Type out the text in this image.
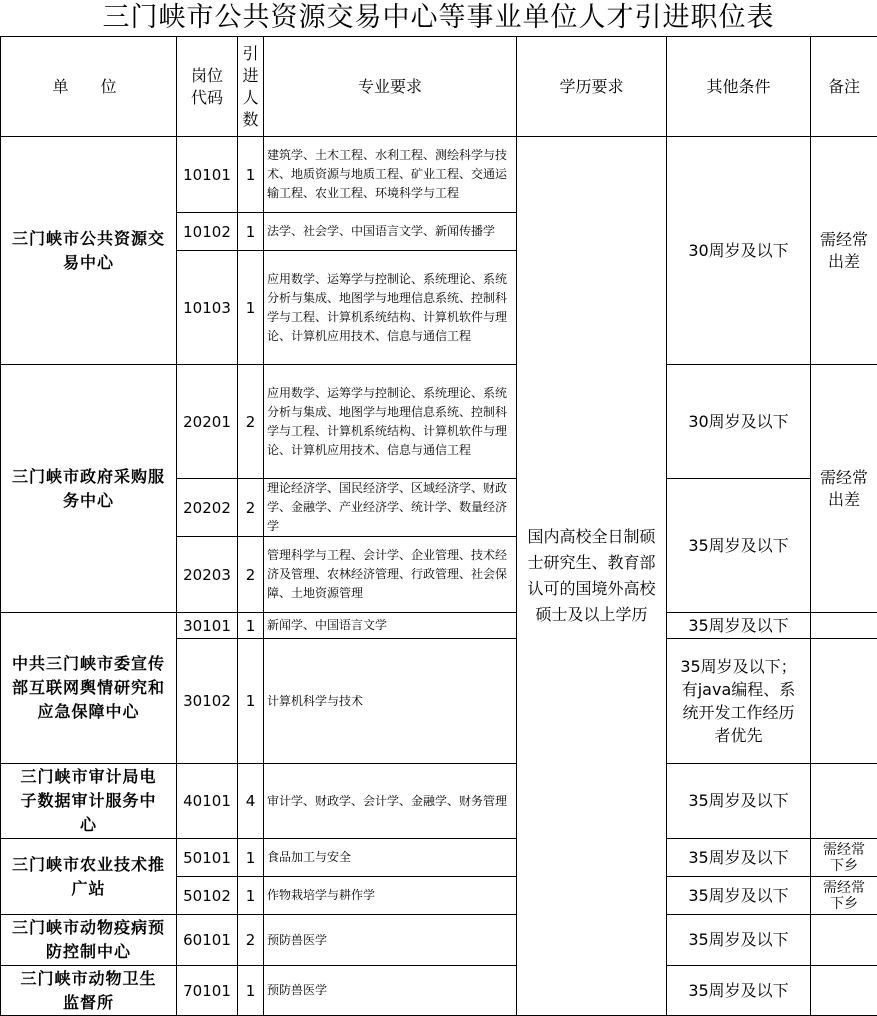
三门峡市公共资源交易中心等事业单位人才引进职位表
单　位	岗位代码	引进人数	专业要求	学历要求	其他条件	备注
三门峡市公共资源交易中心	10101	1	建筑学、土木工程、水利工程、测绘科学与技术、地质资源与地质工程、矿业工程、交通运输工程、农业工程、环境科学与工程	国内高校全日制硕士研究生、教育部认可的国境外高校硕士及以上学历	30周岁及以下	需经常出差
	10102	1	法学、社会学、中国语言文学、新闻传播学			
	10103	1	应用数学、运筹学与控制论、系统理论、系统分析与集成、地图学与地理信息系统、控制科学与工程、计算机系统结构、计算机软件与理论、计算机应用技术、信息与通信工程			
三门峡市政府采购服务中心	20201	2	应用数学、运筹学与控制论、系统理论、系统分析与集成、地图学与地理信息系统、控制科学与工程、计算机系统结构、计算机软件与理论、计算机应用技术、信息与通信工程		30周岁及以下	需经常出差
	20202	2	理论经济学、国民经济学、区域经济学、财政学、金融学、产业经济学、统计学、数量经济学		35周岁及以下	
	20203	2	管理科学与工程、会计学、企业管理、技术经济及管理、农林经济管理、行政管理、社会保障、土地资源管理			
中共三门峡市委宣传部互联网舆情研究和应急保障中心	30101	1	新闻学、中国语言文学		35周岁及以下	
	30102	1	计算机科学与技术		35周岁及以下；有java编程、系统开发工作经历者优先	
三门峡市审计局电子数据审计服务中心	40101	4	审计学、财政学、会计学、金融学、财务管理		35周岁及以下	
三门峡市农业技术推广站	50101	1	食品加工与安全		35周岁及以下	需经常下乡
	50102	1	作物栽培学与耕作学		35周岁及以下	需经常下乡
三门峡市动物疫病预防控制中心	60101	2	预防兽医学		35周岁及以下	
三门峡市动物卫生监督所	70101	1	预防兽医学		35周岁及以下	
